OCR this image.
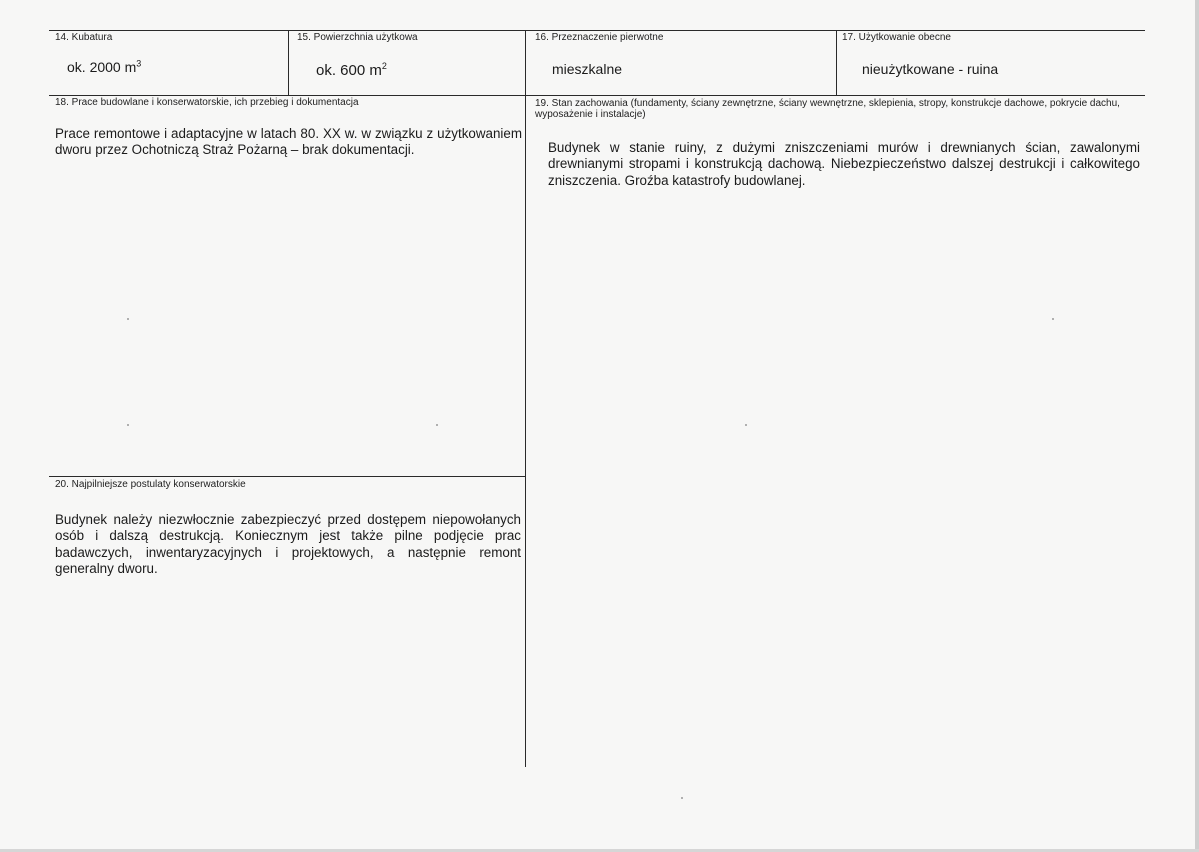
14. Kubatura
ok. 2000 $m^3$
15. Powierzchnia użytkowa
ok. 600 $m^2$
16. Przeznaczenie pierwotne
mieszkalne
17. Użytkowanie obecne
nieużytkowane - ruina
18. Prace budowlane i konserwatorskie, ich przebieg i dokumentacja
Prace remontowe i adaptacyjne w latach 80. XX w. w związku z użytkowaniem dworu przez Ochotniczą Straż Pożarną – brak dokumentacji.
19. Stan zachowania (fundamenty, ściany zewnętrzne, ściany wewnętrzne, sklepienia, stropy, konstrukcje dachowe, pokrycie dachu, wyposażenie i instalacje)
Budynek w stanie ruiny, z dużymi zniszczeniami murów i drewnianych ścian, zawalonymi drewnianymi stropami i konstrukcją dachową. Niebezpieczeństwo dalszej destrukcji i całkowitego zniszczenia. Groźba katastrofy budowlanej.
20. Najpilniejsze postulaty konserwatorskie
Budynek należy niezwłocznie zabezpieczyć przed dostępem niepowołanych osób i dalszą destrukcją. Koniecznym jest także pilne podjęcie prac badawczych, inwentaryzacyjnych i projektowych, a następnie remont generalny dworu.
